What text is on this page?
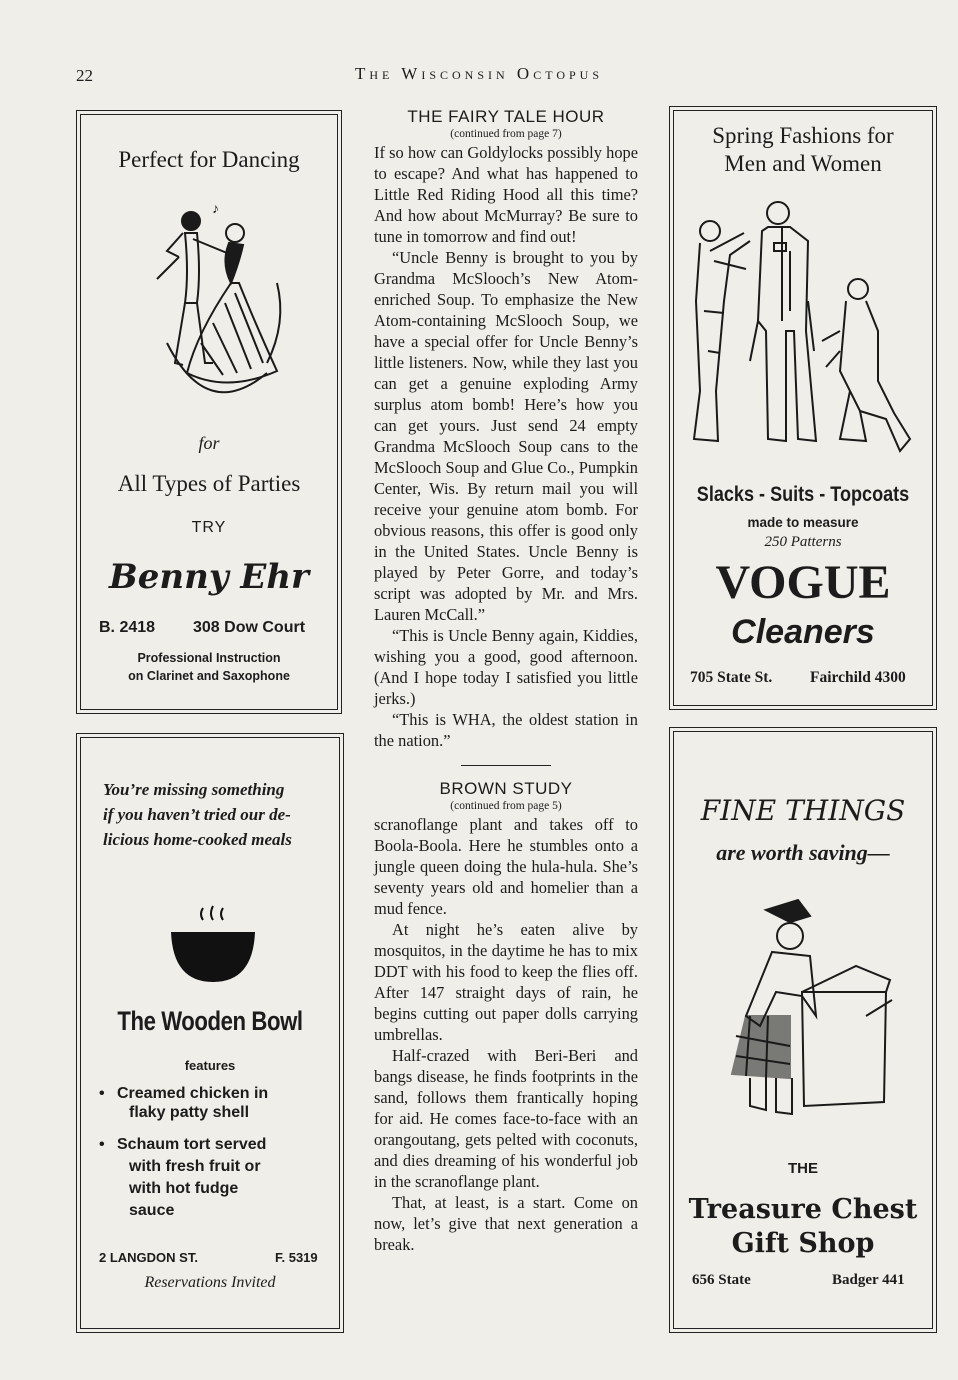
22	The Wisconsin Octopus
Perfect for Dancing
♪
for
All Types of Parties
TRY
Benny Ehr
B. 2418 308 Dow Court
Professional Instruction
on Clarinet and Saxophone
You’re missing something
if you haven’t tried our de-
licious home-cooked meals
The Wooden Bowl
features
• Creamed chicken in
flaky patty shell
• Schaum tort served
with fresh fruit or
with hot fudge
sauce
2 LANGDON ST.	F. 5319
Reservations Invited
THE FAIRY TALE HOUR
(continued from page 7)

If so how can Goldylocks possibly hope to escape? And what has happened to Little Red Riding Hood all this time? And how about McMurray? Be sure to tune in tomorrow and find out!

“Uncle Benny is brought to you by Grandma McSlooch’s New Atom-enriched Soup. To emphasize the New Atom-containing McSlooch Soup, we have a special offer for Uncle Benny’s little listeners. Now, while they last you can get a genuine exploding Army surplus atom bomb! Here’s how you can get yours. Just send 24 empty Grandma McSlooch Soup cans to the McSlooch Soup and Glue Co., Pumpkin Center, Wis. By return mail you will receive your genuine atom bomb. For obvious reasons, this offer is good only in the United States. Uncle Benny is played by Peter Gorre, and today’s script was adopted by Mr. and Mrs. Lauren McCall.”

“This is Uncle Benny again, Kiddies, wishing you a good, good afternoon. (And I hope today I satisfied you little jerks.)

“This is WHA, the oldest station in the nation.”

BROWN STUDY
(continued from page 5)

scranoflange plant and takes off to Boola-Boola. Here he stumbles onto a jungle queen doing the hula-hula. She’s seventy years old and homelier than a mud fence.

At night he’s eaten alive by mosquitos, in the daytime he has to mix DDT with his food to keep the flies off. After 147 straight days of rain, he begins cutting out paper dolls carrying umbrellas.

Half-crazed with Beri-Beri and bangs disease, he finds footprints in the sand, follows them frantically hoping for aid. He comes face-to-face with an orangoutang, gets pelted with coconuts, and dies dreaming of his wonderful job in the scranoflange plant.

That, at least, is a start. Come on now, let’s give that next generation a break.

Spring Fashions for
Men and Women
Slacks - Suits - Topcoats
made to measure
250 Patterns
VOGUE
Cleaners
705 State St. Fairchild 4300
FINE THINGS
are worth saving—
THE
Treasure Chest
Gift Shop
656 State	Badger 441
